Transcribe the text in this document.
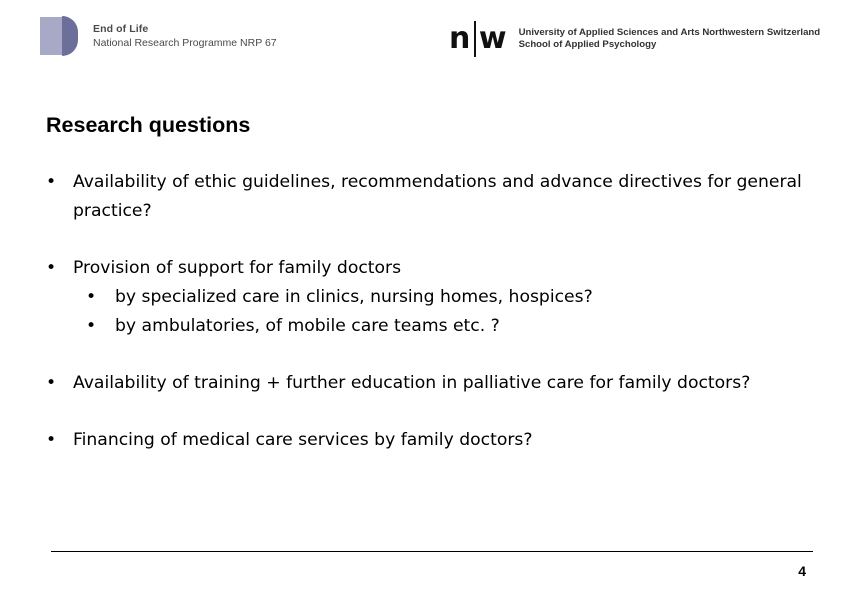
End of Life
National Research Programme NRP 67	n w University of Applied Sciences and Arts Northwestern Switzerland
School of Applied Psychology
Research questions
• Availability of ethic guidelines, recommendations and advance directives for general practice?
• Provision of support for family doctors
• by specialized care in clinics, nursing homes, hospices?
• by ambulatories, of mobile care teams etc. ?
• Availability of training + further education in palliative care for family doctors?
• Financing of medical care services by family doctors?
4
